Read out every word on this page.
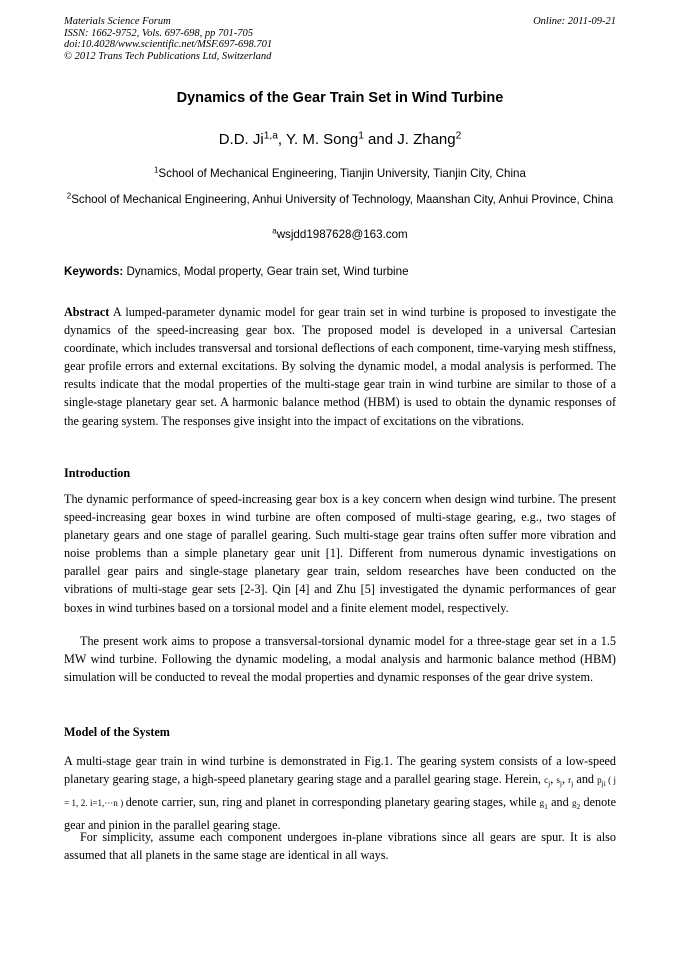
Materials Science Forum
ISSN: 1662-9752, Vols. 697-698, pp 701-705
doi:10.4028/www.scientific.net/MSF.697-698.701
© 2012 Trans Tech Publications Ltd, Switzerland
Online: 2011-09-21
Dynamics of the Gear Train Set in Wind Turbine
D.D. Ji$^{1,a}$, Y. M. Song$^1$ and J. Zhang$^2$
$^1$School of Mechanical Engineering, Tianjin University, Tianjin City, China
$^2$School of Mechanical Engineering, Anhui University of Technology, Maanshan City, Anhui Province, China
$^a$wsjdd1987628@163.com
Keywords: Dynamics, Modal property, Gear train set, Wind turbine
Abstract A lumped-parameter dynamic model for gear train set in wind turbine is proposed to investigate the dynamics of the speed-increasing gear box. The proposed model is developed in a universal Cartesian coordinate, which includes transversal and torsional deflections of each component, time-varying mesh stiffness, gear profile errors and external excitations. By solving the dynamic model, a modal analysis is performed. The results indicate that the modal properties of the multi-stage gear train in wind turbine are similar to those of a single-stage planetary gear set. A harmonic balance method (HBM) is used to obtain the dynamic responses of the gearing system. The responses give insight into the impact of excitations on the vibrations.
Introduction
The dynamic performance of speed-increasing gear box is a key concern when design wind turbine. The present speed-increasing gear boxes in wind turbine are often composed of multi-stage gearing, e.g., two stages of planetary gears and one stage of parallel gearing. Such multi-stage gear trains often suffer more vibration and noise problems than a simple planetary gear unit [1]. Different from numerous dynamic investigations on parallel gear pairs and single-stage planetary gear train, seldom researches have been conducted on the vibrations of multi-stage gear sets [2-3]. Qin [4] and Zhu [5] investigated the dynamic performances of gear boxes in wind turbines based on a torsional model and a finite element model, respectively.
The present work aims to propose a transversal-torsional dynamic model for a three-stage gear set in a 1.5 MW wind turbine. Following the dynamic modeling, a modal analysis and harmonic balance method (HBM) simulation will be conducted to reveal the modal properties and dynamic responses of the gear drive system.
Model of the System
A multi-stage gear train in wind turbine is demonstrated in Fig.1. The gearing system consists of a low-speed planetary gearing stage, a high-speed planetary gearing stage and a parallel gearing stage. Herein, $c_j$, $s_j$, $r_j$ and $p_{ji}$ ( j = 1, 2. i=1,···n ) denote carrier, sun, ring and planet in corresponding planetary gearing stages, while $g_1$ and $g_2$ denote gear and pinion in the parallel gearing stage.
For simplicity, assume each component undergoes in-plane vibrations since all gears are spur. It is also assumed that all planets in the same stage are identical in all ways.
